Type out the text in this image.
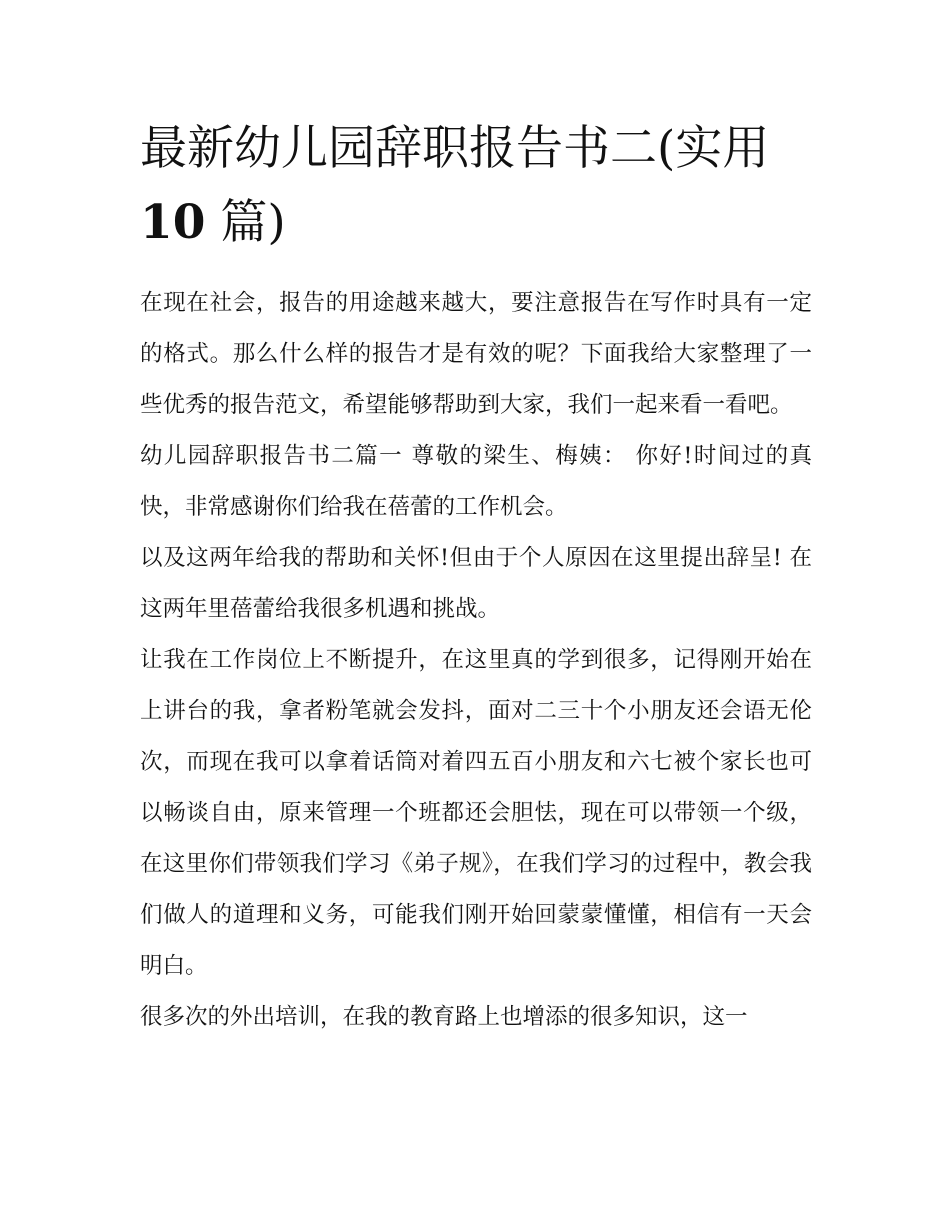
最新幼儿园辞职报告书二(实用
10 篇)

在现在社会，报告的用途越来越大，要注意报告在写作时具有一定的格式。那么什么样的报告才是有效的呢？下面我给大家整理了一些优秀的报告范文，希望能够帮助到大家，我们一起来看一看吧。

幼儿园辞职报告书二篇一 尊敬的梁生、梅姨： 你好!时间过的真快，非常感谢你们给我在蓓蕾的工作机会。

以及这两年给我的帮助和关怀!但由于个人原因在这里提出辞呈! 在这两年里蓓蕾给我很多机遇和挑战。

让我在工作岗位上不断提升，在这里真的学到很多，记得刚开始在上讲台的我，拿者粉笔就会发抖，面对二三十个小朋友还会语无伦次，而现在我可以拿着话筒对着四五百小朋友和六七被个家长也可以畅谈自由，原来管理一个班都还会胆怯，现在可以带领一个级，在这里你们带领我们学习《弟子规》，在我们学习的过程中，教会我们做人的道理和义务，可能我们刚开始回蒙蒙懂懂，相信有一天会明白。

很多次的外出培训，在我的教育路上也增添的很多知识，这一
